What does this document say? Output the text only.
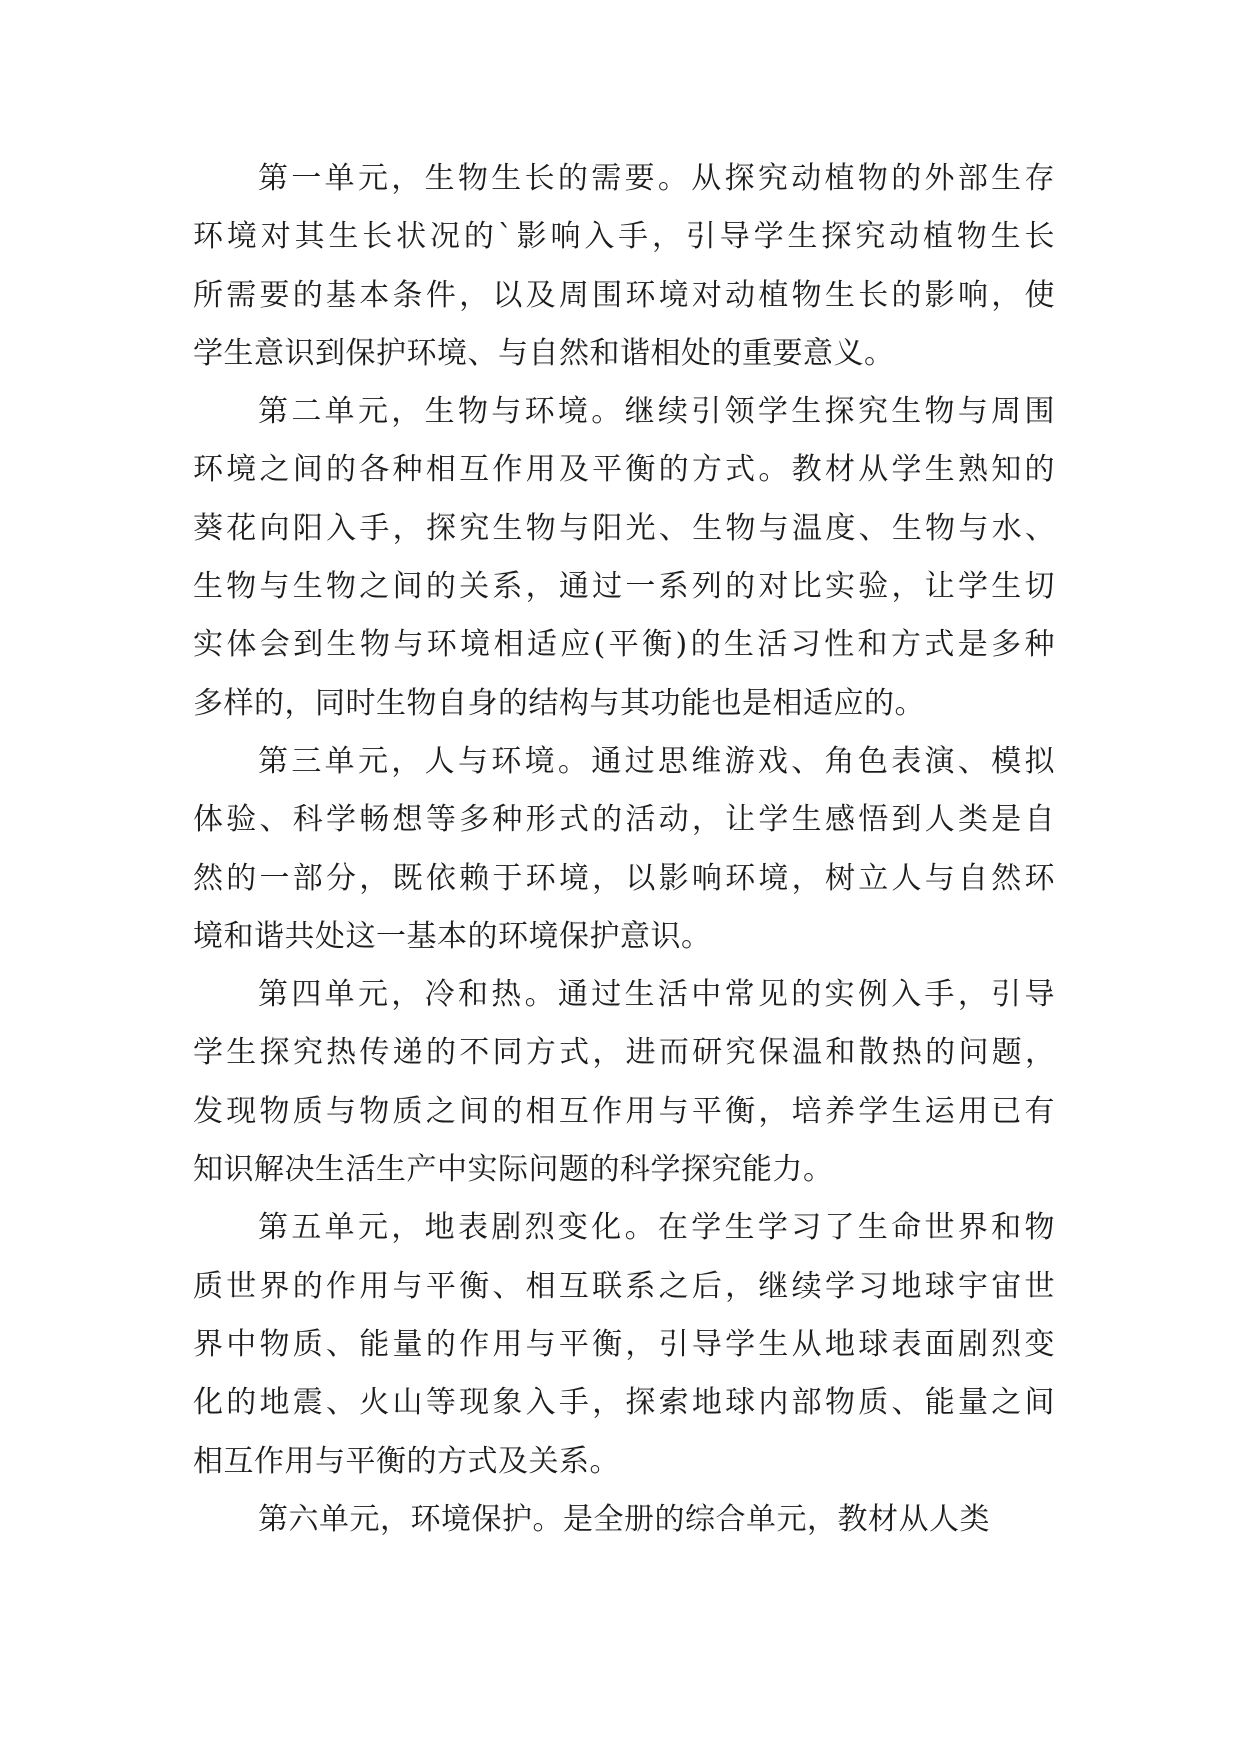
第一单元，生物生长的需要。从探究动植物的外部生存
环境对其生长状况的`影响入手，引导学生探究动植物生长
所需要的基本条件，以及周围环境对动植物生长的影响，使
学生意识到保护环境、与自然和谐相处的重要意义。
第二单元，生物与环境。继续引领学生探究生物与周围
环境之间的各种相互作用及平衡的方式。教材从学生熟知的
葵花向阳入手，探究生物与阳光、生物与温度、生物与水、
生物与生物之间的关系，通过一系列的对比实验，让学生切
实体会到生物与环境相适应(平衡)的生活习性和方式是多种
多样的，同时生物自身的结构与其功能也是相适应的。
第三单元，人与环境。通过思维游戏、角色表演、模拟
体验、科学畅想等多种形式的活动，让学生感悟到人类是自
然的一部分，既依赖于环境，以影响环境，树立人与自然环
境和谐共处这一基本的环境保护意识。
第四单元，冷和热。通过生活中常见的实例入手，引导
学生探究热传递的不同方式，进而研究保温和散热的问题，
发现物质与物质之间的相互作用与平衡，培养学生运用已有
知识解决生活生产中实际问题的科学探究能力。
第五单元，地表剧烈变化。在学生学习了生命世界和物
质世界的作用与平衡、相互联系之后，继续学习地球宇宙世
界中物质、能量的作用与平衡，引导学生从地球表面剧烈变
化的地震、火山等现象入手，探索地球内部物质、能量之间
相互作用与平衡的方式及关系。
第六单元，环境保护。是全册的综合单元，教材从人类
